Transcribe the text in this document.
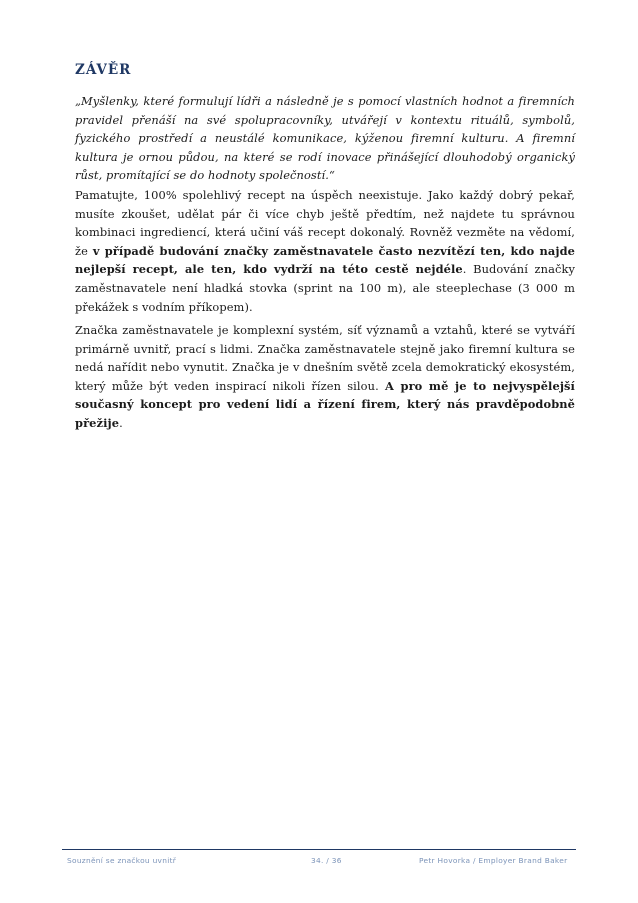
ZÁVĚR

„Myšlenky, které formulují lídři a následně je s pomocí vlastních hodnot a firemních pravidel přenáší na své spolupracovníky, utvářejí v kontextu rituálů, symbolů, fyzického prostředí a neustálé komunikace, kýženou firemní kulturu. A firemní kultura je ornou půdou, na které se rodí inovace přinášející dlouhodobý organický růst, promítající se do hodnoty společností.“

Pamatujte, 100% spolehlivý recept na úspěch neexistuje. Jako každý dobrý pekař, musíte zkoušet, udělat pár či více chyb ještě předtím, než najdete tu správnou kombinaci ingrediencí, která učiní váš recept dokonalý. Rovněž vezměte na vědomí, že v případě budování značky zaměstnavatele často nezvítězí ten, kdo najde nejlepší recept, ale ten, kdo vydrží na této cestě nejdéle. Budování značky zaměstnavatele není hladká stovka (sprint na 100 m), ale steeplechase (3 000 m překážek s vodním příkopem).

Značka zaměstnavatele je komplexní systém, síť významů a vztahů, které se vytváří primárně uvnitř, prací s lidmi. Značka zaměstnavatele stejně jako firemní kultura se nedá nařídit nebo vynutit. Značka je v dnešním světě zcela demokratický ekosystém, který může být veden inspirací nikoli řízen silou. A pro mě je to nejvyspělejší současný koncept pro vedení lidí a řízení firem, který nás pravděpodobně přežije.

Souznění se značkou uvnitř	34. / 36	Petr Hovorka / Employer Brand Baker
